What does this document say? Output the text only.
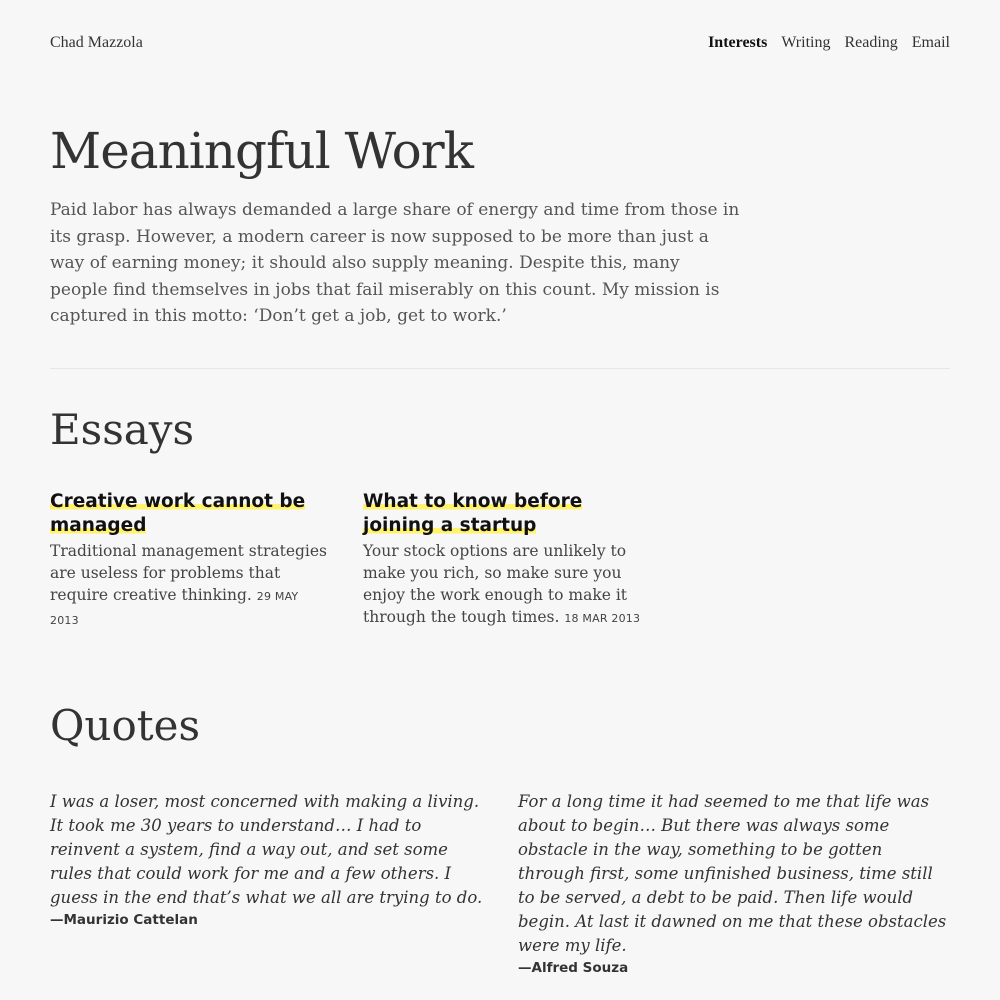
Chad Mazzola	Interests Writing Reading Email
Meaningful Work

Paid labor has always demanded a large share of energy and time from those in its grasp. However, a modern career is now supposed to be more than just a way of earning money; it should also supply meaning. Despite this, many people find themselves in jobs that fail miserably on this count. My mission is captured in this motto: ‘Don’t get a job, get to work.’

Essays
Creative work cannot be managed

Traditional management strategies are useless for problems that require creative thinking. 29 MAY 2013

What to know before joining a startup

Your stock options are unlikely to make you rich, so make sure you enjoy the work enough to make it through the tough times. 18 MAR 2013

Quotes

I was a loser, most concerned with making a living. It took me 30 years to understand… I had to reinvent a system, find a way out, and set some rules that could work for me and a few others. I guess in the end that’s what we all are trying to do.

—Maurizio Cattelan

For a long time it had seemed to me that life was about to begin… But there was always some obstacle in the way, something to be gotten through first, some unfinished business, time still to be served, a debt to be paid. Then life would begin. At last it dawned on me that these obstacles were my life.

—Alfred Souza
